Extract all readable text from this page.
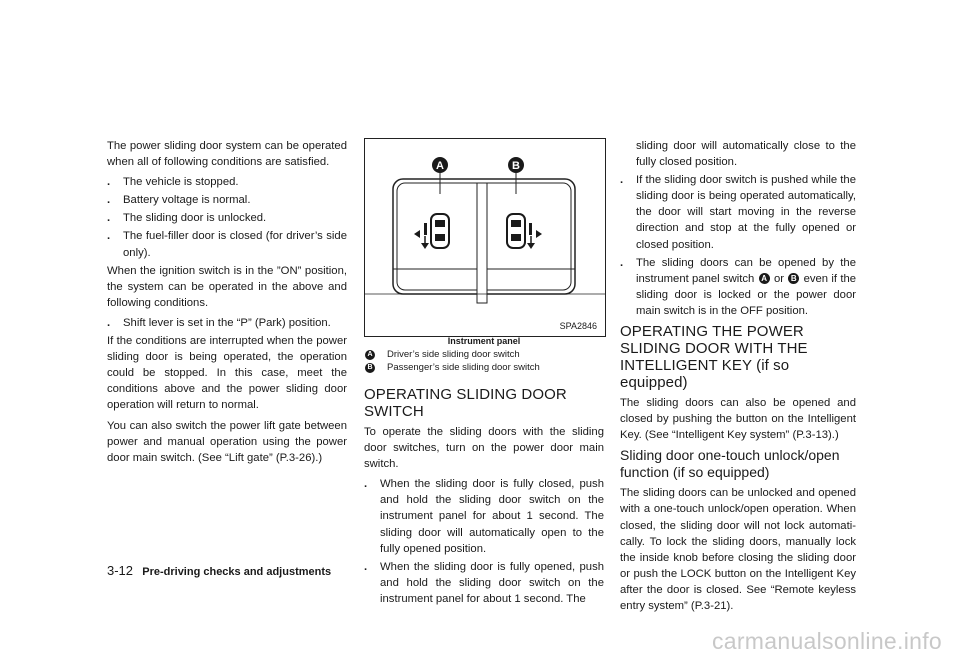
The power sliding door system can be operated when all of following conditions are satisfied.

.	The vehicle is stopped.
.	Battery voltage is normal.
.	The sliding door is unlocked.
.	The fuel-filler door is closed (for driver’s side only).

When the ignition switch is in the ”ON” position, the system can be operated in the above and following conditions.

.	Shift lever is set in the “P” (Park) position.

If the conditions are interrupted when the power sliding door is being operated, the operation could be stopped. In this case, meet the conditions above and the power sliding door operation will return to normal.

You can also switch the power lift gate between power and manual operation using the power door main switch. (See “Lift gate” (P.3-26).)

A	B
SPA2846
Instrument panel
A Driver’s side sliding door switch
B Passenger’s side sliding door switch
OPERATING SLIDING DOOR SWITCH

To operate the sliding doors with the sliding door switches, turn on the power door main switch.

.	When the sliding door is fully closed, push and hold the sliding door switch on the instrument panel for about 1 second. The sliding door will automatically open to the fully opened position.
.	When the sliding door is fully opened, push and hold the sliding door switch on the instrument panel for about 1 second. The
sliding door will automatically close to the fully closed position.
.	If the sliding door switch is pushed while the sliding door is being operated automatically, the door will start moving in the reverse direction and stop at the fully opened or closed position.
.	The sliding doors can be opened by the instrument panel switch A or B even if the sliding door is locked or the power door main switch is in the OFF position.
OPERATING THE POWER SLIDING DOOR WITH THE INTELLIGENT KEY (if so equipped)

The sliding doors can also be opened and closed by pushing the button on the Intelligent Key. (See “Intelligent Key system” (P.3-13).)

Sliding door one-touch unlock/open function (if so equipped)

The sliding doors can be unlocked and opened with a one-touch unlock/open operation. When closed, the sliding door will not lock automati-cally. To lock the sliding doors, manually lock the inside knob before closing the sliding door or push the LOCK button on the Intelligent Key after the door is closed. See “Remote keyless entry system” (P.3-21).

3-12 Pre-driving checks and adjustments
carmanualsonline.info
